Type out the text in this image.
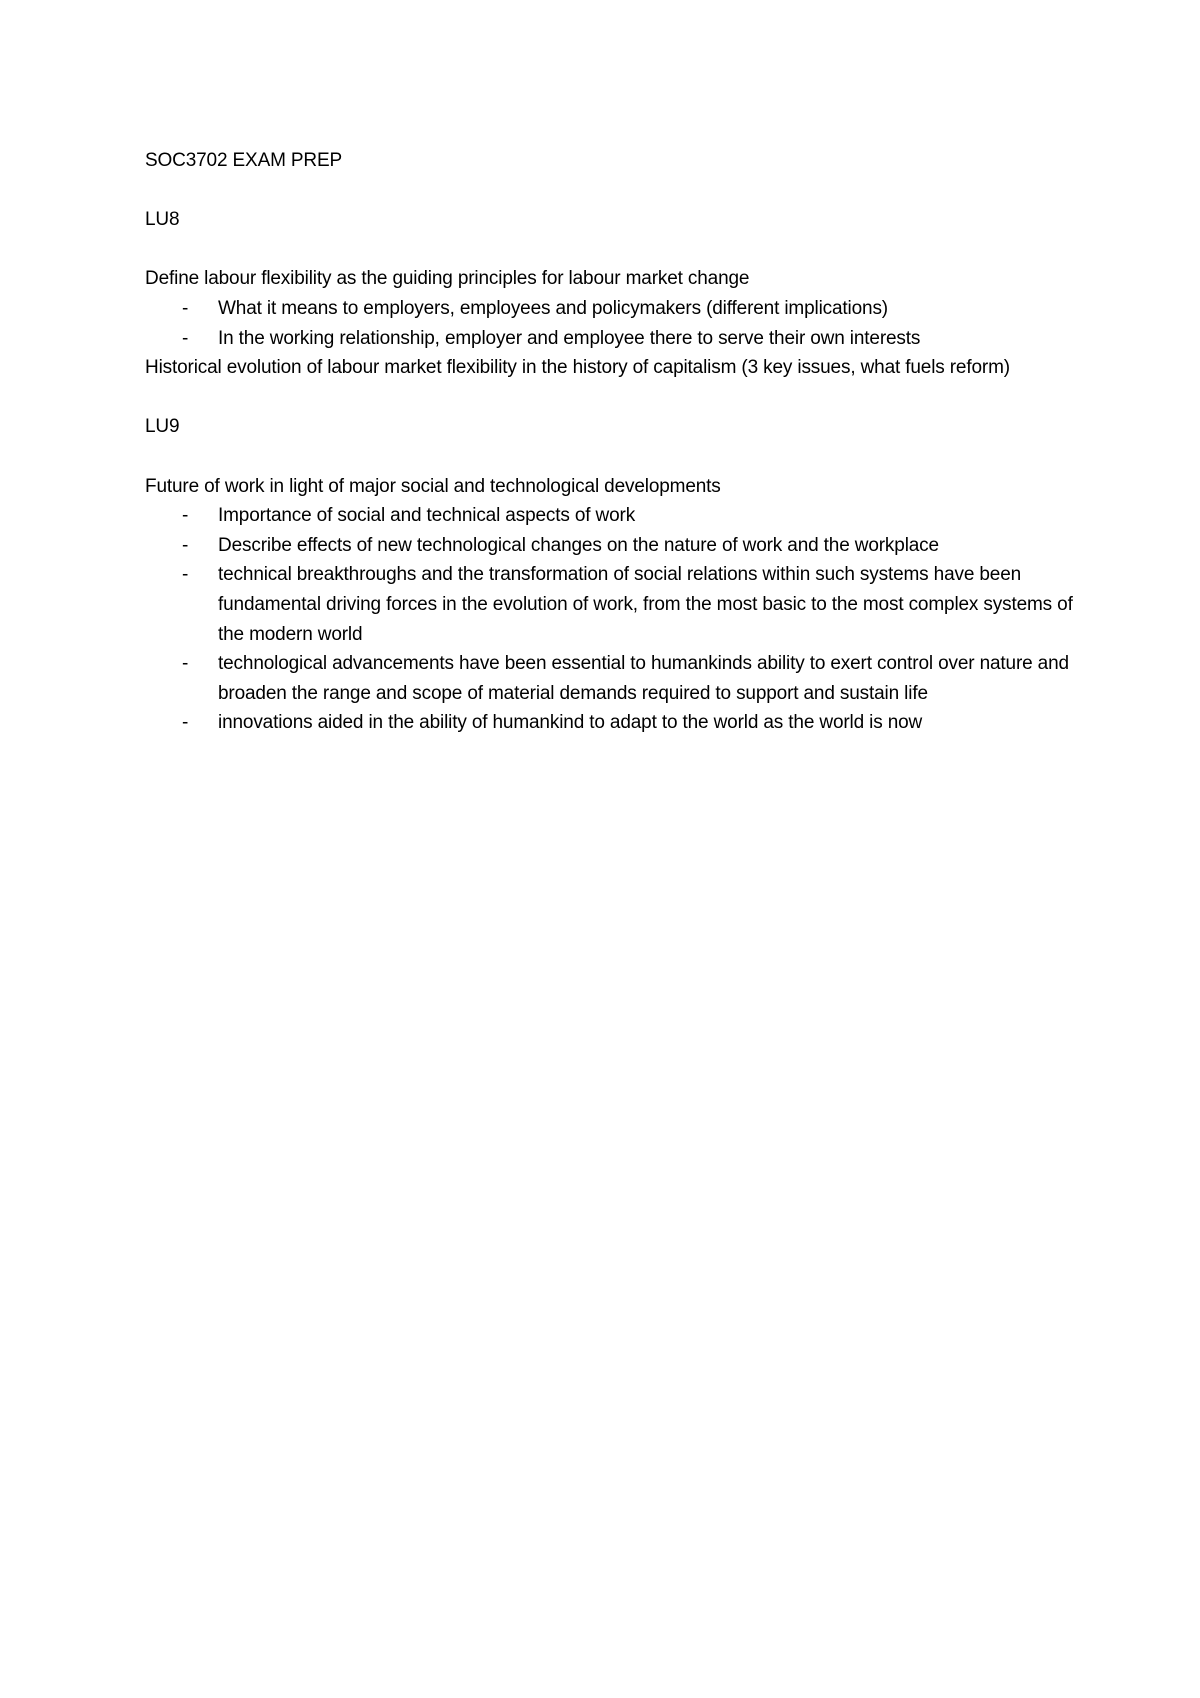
SOC3702 EXAM PREP

LU8

Define labour flexibility as the guiding principles for labour market change

- What it means to employers, employees and policymakers (different implications)
- In the working relationship, employer and employee there to serve their own interests

Historical evolution of labour market flexibility in the history of capitalism (3 key issues, what fuels reform)

LU9

Future of work in light of major social and technological developments

- Importance of social and technical aspects of work
- Describe effects of new technological changes on the nature of work and the workplace
- technical breakthroughs and the transformation of social relations within such systems have been fundamental driving forces in the evolution of work, from the most basic to the most complex systems of the modern world
- technological advancements have been essential to humankinds ability to exert control over nature and broaden the range and scope of material demands required to support and sustain life
- innovations aided in the ability of humankind to adapt to the world as the world is now
